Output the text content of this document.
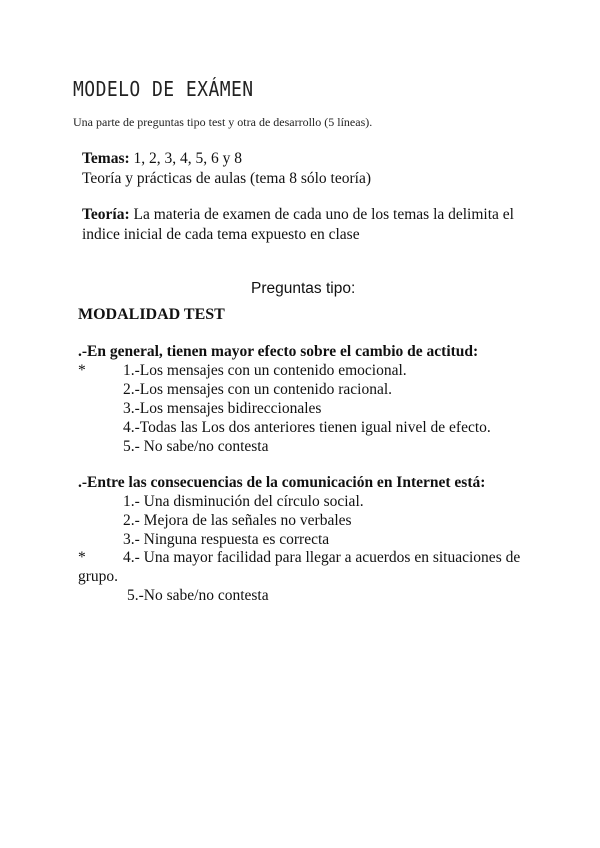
MODELO DE EXÁMEN
Una parte de preguntas tipo test y otra de desarrollo (5 líneas).
Temas: 1, 2, 3, 4, 5, 6 y 8
Teoría y prácticas de aulas (tema 8 sólo teoría)
Teoría: La materia de examen de cada uno de los temas la delimita el
indice inicial de cada tema expuesto en clase
Preguntas tipo:
MODALIDAD TEST
.-En general, tienen mayor efecto sobre el cambio de actitud:
* 1.-Los mensajes con un contenido emocional.
2.-Los mensajes con un contenido racional.
3.-Los mensajes bidireccionales
4.-Todas las Los dos anteriores tienen igual nivel de efecto.
5.- No sabe/no contesta
.-Entre las consecuencias de la comunicación en Internet está:
1.- Una disminución del círculo social.
2.- Mejora de las señales no verbales
3.- Ninguna respuesta es correcta
* 4.- Una mayor facilidad para llegar a acuerdos en situaciones de
grupo.
5.-No sabe/no contesta
